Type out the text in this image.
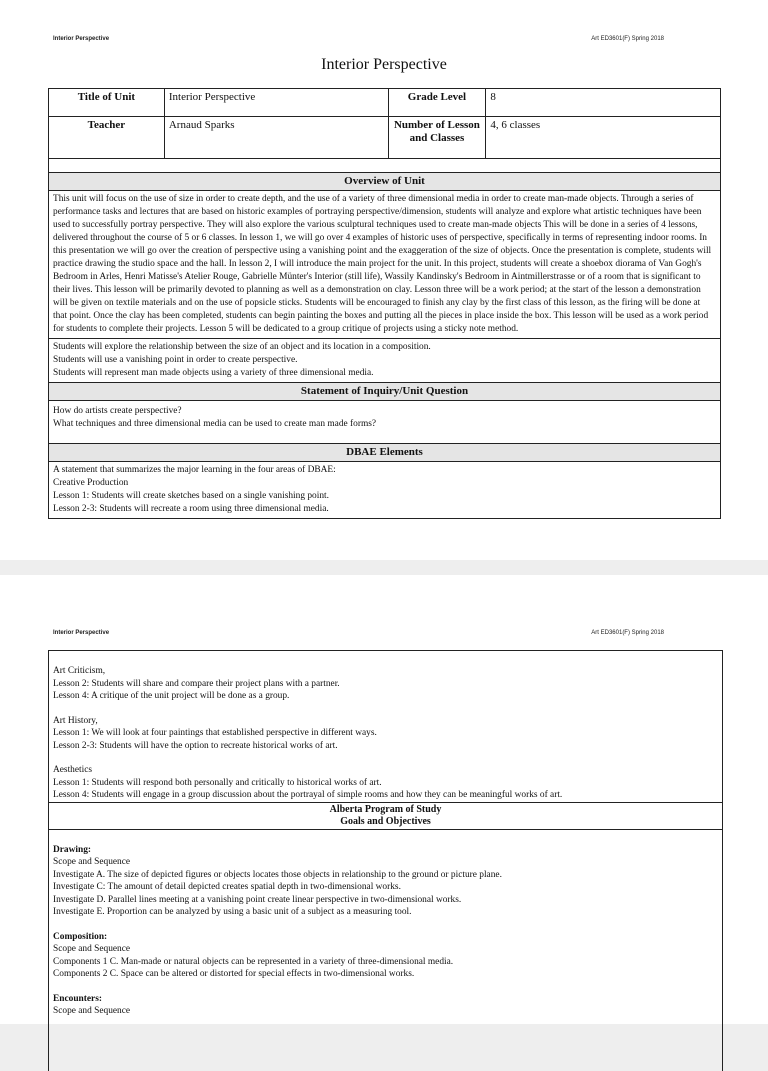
Interior Perspective	Art ED3601(F) Spring 2018
Interior Perspective
Title of Unit	Interior Perspective	Grade Level	8
Teacher	Arnaud Sparks	Number of Lesson and Classes	4, 6 classes

Overview of Unit			
This unit will focus on the use of size in order to create depth, and the use of a variety of three dimensional media in order to create man-made objects. Through a series of performance tasks and lectures that are based on historic examples of portraying perspective/dimension, students will analyze and explore what artistic techniques have been used to successfully portray perspective. They will also explore the various sculptural techniques used to create man-made objects This will be done in a series of 4 lessons, delivered throughout the course of 5 or 6 classes. In lesson 1, we will go over 4 examples of historic uses of perspective, specifically in terms of representing indoor rooms. In this presentation we will go over the creation of perspective using a vanishing point and the exaggeration of the size of objects. Once the presentation is complete, students will practice drawing the studio space and the hall. In lesson 2, I will introduce the main project for the unit. In this project, students will create a shoebox diorama of Van Gogh's Bedroom in Arles, Henri Matisse's Atelier Rouge, Gabrielle Münter's Interior (still life), Wassily Kandinsky's Bedroom in Aintmillerstrasse or of a room that is significant to their lives. This lesson will be primarily devoted to planning as well as a demonstration on clay. Lesson three will be a work period; at the start of the lesson a demonstration will be given on textile materials and on the use of popsicle sticks. Students will be encouraged to finish any clay by the first class of this lesson, as the firing will be done at that point. Once the clay has been completed, students can begin painting the boxes and putting all the pieces in place inside the box. This lesson will be used as a work period for students to complete their projects. Lesson 5 will be dedicated to a group critique of projects using a sticky note method.			

Students will explore the relationship between the size of an object and its location in a composition.
Students will use a vanishing point in order to create perspective.
Students will represent man made objects using a variety of three dimensional media.			

Statement of Inquiry/Unit Question			

How do artists create perspective?
What techniques and three dimensional media can be used to create man made forms?			

DBAE Elements			

A statement that summarizes the major learning in the four areas of DBAE:
Creative Production
Lesson 1: Students will create sketches based on a single vanishing point.
Lesson 2-3: Students will recreate a room using three dimensional media.			
Interior Perspective	Art ED3601(F) Spring 2018
Art Criticism,
Lesson 2: Students will share and compare their project plans with a partner.
Lesson 4: A critique of the unit project will be done as a group.
Art History,
Lesson 1: We will look at four paintings that established perspective in different ways.
Lesson 2-3: Students will have the option to recreate historical works of art.
Aesthetics
Lesson 1: Students will respond both personally and critically to historical works of art.
Lesson 4: Students will engage in a group discussion about the portrayal of simple rooms and how they can be meaningful works of art.
Alberta Program of Study
Goals and Objectives
Drawing:
Scope and Sequence
Investigate A. The size of depicted figures or objects locates those objects in relationship to the ground or picture plane.
Investigate C: The amount of detail depicted creates spatial depth in two-dimensional works.
Investigate D. Parallel lines meeting at a vanishing point create linear perspective in two-dimensional works.
Investigate E. Proportion can be analyzed by using a basic unit of a subject as a measuring tool.
Composition:
Scope and Sequence
Components 1 C. Man-made or natural objects can be represented in a variety of three-dimensional media.
Components 2 C. Space can be altered or distorted for special effects in two-dimensional works.
Encounters:
Scope and Sequence
